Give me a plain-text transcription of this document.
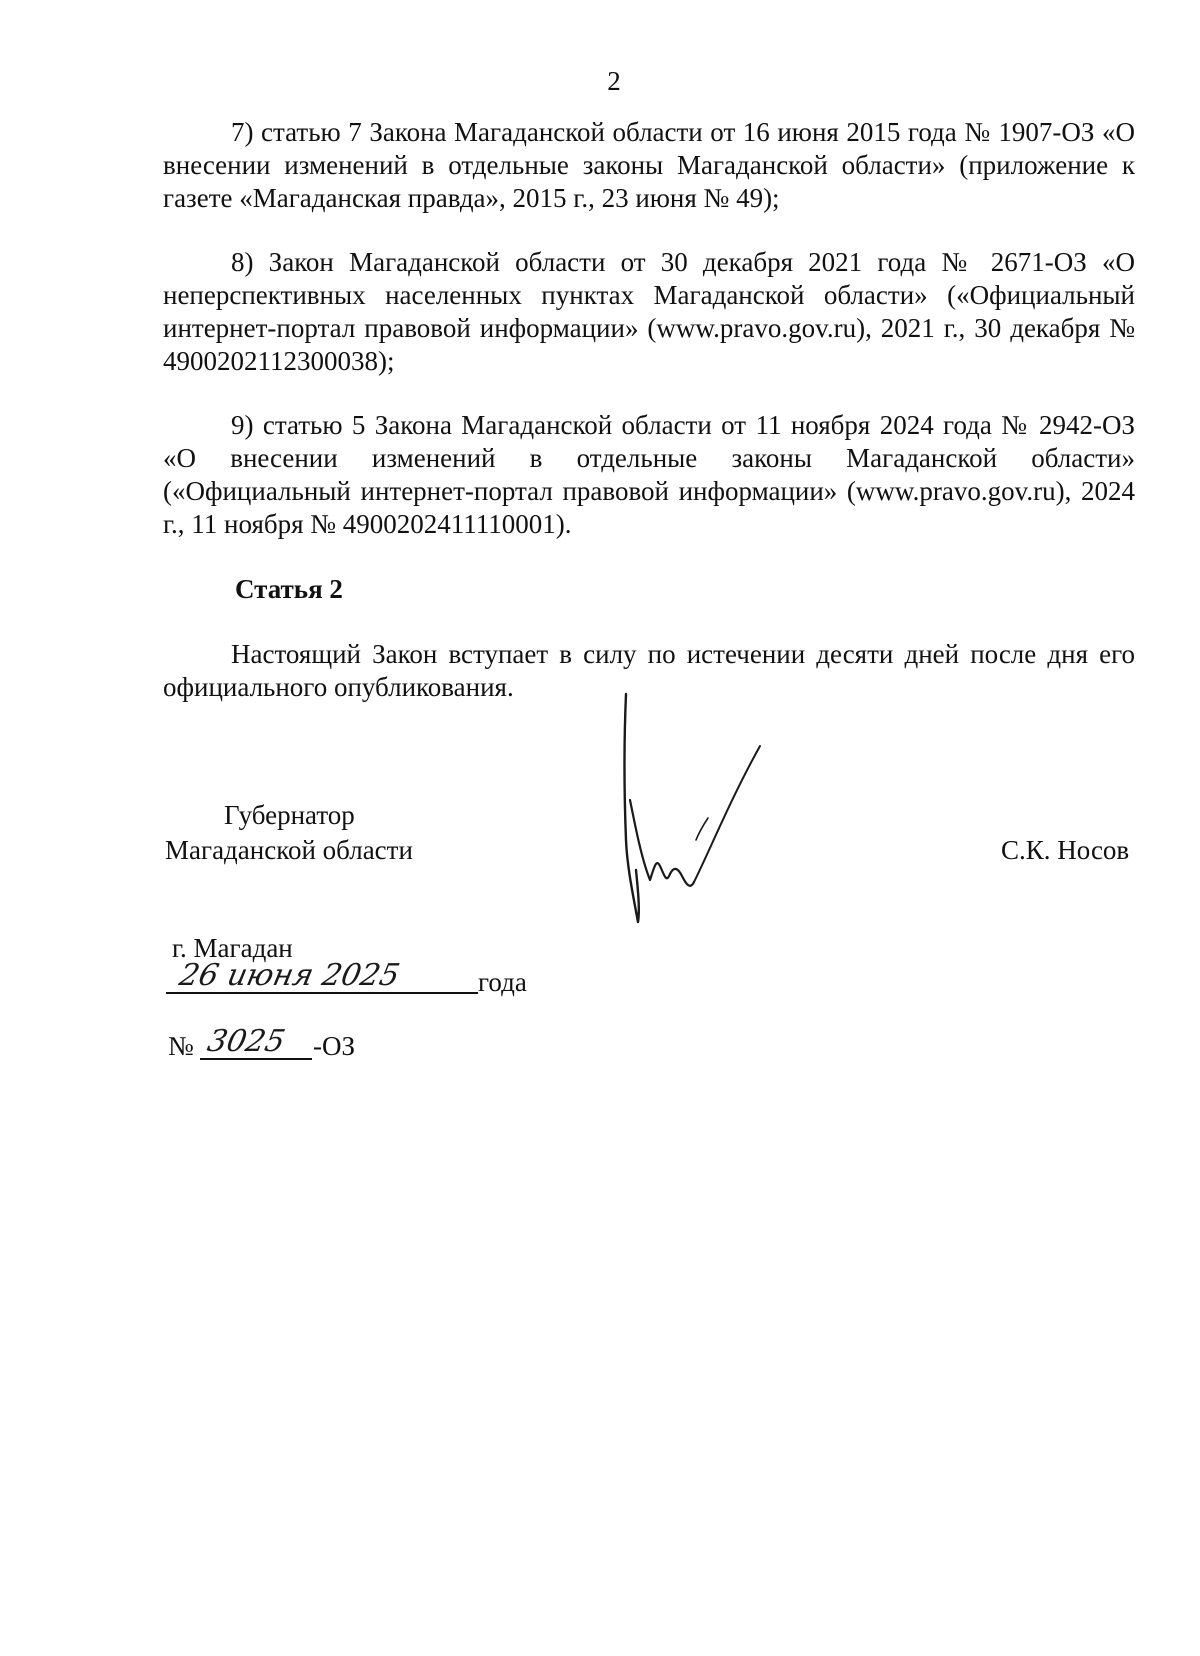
2

7) статью 7 Закона Магаданской области от 16 июня 2015 года № 1907-ОЗ «О внесении изменений в отдельные законы Магаданской области» (приложение к газете «Магаданская правда», 2015 г., 23 июня № 49);

8) Закон Магаданской области от 30 декабря 2021 года № 2671-ОЗ «О неперспективных населенных пунктах Магаданской области» («Официальный интернет-портал правовой информации» (www.pravo.gov.ru), 2021 г., 30 декабря № 4900202112300038);

9) статью 5 Закона Магаданской области от 11 ноября 2024 года № 2942-ОЗ «О внесении изменений в отдельные законы Магаданской области» («Официальный интернет-портал правовой информации» (www.pravo.gov.ru), 2024 г., 11 ноября № 4900202411110001).

Статья 2

Настоящий Закон вступает в силу по истечении десяти дней после дня его официального опубликования.

Губернатор
Магаданской области	С.К. Носов
г. Магадан
26 июня 2025	года
№ 3025 -ОЗ
